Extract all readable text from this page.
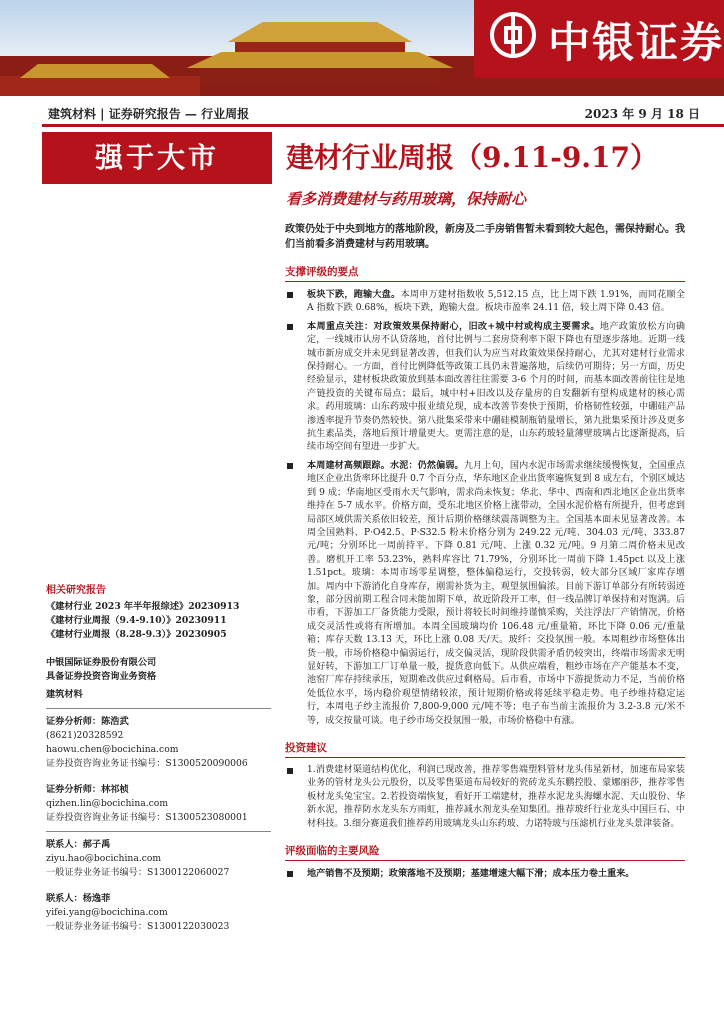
中银证券
建筑材料 | 证券研究报告 — 行业周报	2023 年 9 月 18 日
强于大市	建材行业周报（9.11-9.17）
看多消费建材与药用玻璃，保持耐心

政策仍处于中央到地方的落地阶段，新房及二手房销售暂未看到较大起色，需保持耐心。我们当前看多消费建材与药用玻璃。

支撑评级的要点
板块下跌，跑输大盘。本周申万建材指数收 5,512.15 点，比上周下跌 1.91%，而同花顺全 A 指数下跌 0.68%，板块下跌，跑输大盘。板块市盈率 24.11 倍，较上周下降 0.43 倍。
本周重点关注：对政策效果保持耐心，旧改+城中村或构成主要需求。地产政策放松方向确定，一线城市认房不认贷落地，首付比例与二套房贷利率下限下降也有望逐步落地。近期一线城市新房成交并未见到显著改善，但我们认为应当对政策效果保持耐心，尤其对建材行业需求保持耐心。一方面，首付比例降低等政策工具仍未普遍落地，后续仍可期待；另一方面，历史经验显示，建材板块政策放到基本面改善往往需要 3-6 个月的时间，而基本面改善前往往是地产链投资的关键布局点；最后，城中村+旧改以及存量房的自发翻新有望构成建材的核心需求。药用玻璃：山东药玻中报业绩兑现，成本改善节奏快于预期，价格韧性较强，中硼硅产品渗透率提升节奏仍然较快。第八批集采带来中硼硅模制瓶销量增长，第九批集采预计涉及更多抗生素品类，落地后预计增量更大。更需注意的是，山东药玻轻量薄壁玻璃占比逐渐提高，后续市场空间有望进一步扩大。
本周建材高频跟踪。水泥：仍然偏弱。九月上旬，国内水泥市场需求继续缓慢恢复，全国重点地区企业出货率环比提升 0.7 个百分点，华东地区企业出货率遍恢复到 8 成左右，个别区域达到 9 成；华南地区受雨水天气影响，需求尚未恢复；华北、华中、西南和西北地区企业出货率维持在 5-7 成水平。价格方面，受东北地区价格上涨带动，全国水泥价格有所提升，但考虑到局部区域供需关系依旧较差，预计后期价格继续震荡调整为主。全国基本面未见显著改善。本周全国熟料、P·O42.5、P·S32.5 粉末价格分别为 249.22 元/吨、304.03 元/吨、333.87 元/吨；分别环比一周前持平、下降 0.81 元/吨、上涨 0.32 元/吨。9 月第二周价格未见改善。磨机开工率 53.23%，熟料库容比 71.79%，分别环比一周前下降 1.45pct 以及上涨 1.51pct。玻璃：本周市场零星调整，整体偏稳运行，交投转弱，较大部分区域厂家库存增加。周内中下游消化自身库存，刚需补货为主，观望氛围偏浓。目前下游订单部分有所转弱迹象，部分因前期工程合同未能加期下单，故近阶段开工率，但一线品牌订单保持和对饱满。后市看，下游加工厂备货能力受限，预计将较长时间维持谨慎采购，关注浮法厂产销情况，价格成交灵活性或将有所增加。本周全国玻璃均价 106.48 元/重量箱，环比下降 0.06 元/重量箱；库存天数 13.13 天，环比上涨 0.08 天/天。玻纤：交投氛围一般。本周粗纱市场整体出货一般，市场价格稳中偏弱运行，成交偏灵活，现阶段供需矛盾仍较突出，终端市场需求无明显好转，下游加工厂订单量一般，提货意向低下。从供应端看，粗纱市场在产产能基本不变，池窑厂库存持续承压，短期难改供应过剩格局。后市看，市场中下游提货动力不足，当前价格处低位水平，场内稳价观望情绪较浓，预计短期价格或将延续平稳走势。电子纱维持稳定运行，本周电子纱主流报价 7,800-9,000 元/吨不等；电子布当前主流报价为 3.2-3.8 元/米不等，成交按量可谈。电子纱市场交投氛围一般，市场价格稳中有涨。
投资建议
1.消费建材渠道结构优化，利润已现改善，推荐零售端塑料管材龙头伟星新材，加速布局家装业务的管材龙头公元股份，以及零售渠道布局较好的瓷砖龙头东鹏控股、蒙娜丽莎，推荐零售板材龙头兔宝宝。2.若投资端恢复，看好开工端建材，推荐水泥龙头海螺水泥、天山股份、华新水泥，推荐防水龙头东方雨虹，推荐减水剂龙头垒知集团。推荐玻纤行业龙头中国巨石、中材科技。3.细分赛道我们推荐药用玻璃龙头山东药玻、力诺特玻与压滤机行业龙头景津装备。
评级面临的主要风险
地产销售不及预期；政策落地不及预期；基建增速大幅下滑；成本压力卷土重来。
相关研究报告
《建材行业 2023 年半年报综述》20230913
《建材行业周报（9.4-9.10）》20230911
《建材行业周报（8.28-9.3）》20230905
中银国际证券股份有限公司
具备证券投资咨询业务资格
建筑材料
证券分析师：陈浩武
(8621)20328592
haowu.chen@bocichina.com
证券投资咨询业务证书编号：S1300520090006
证券分析师：林祁桢
qizhen.lin@bocichina.com
证券投资咨询业务证书编号：S1300523080001
联系人：郝子禹
ziyu.hao@bocichina.com
一般证券业务证书编号：S1300122060027
联系人：杨逸菲
yifei.yang@bocichina.com
一般证券业务证书编号：S1300122030023
